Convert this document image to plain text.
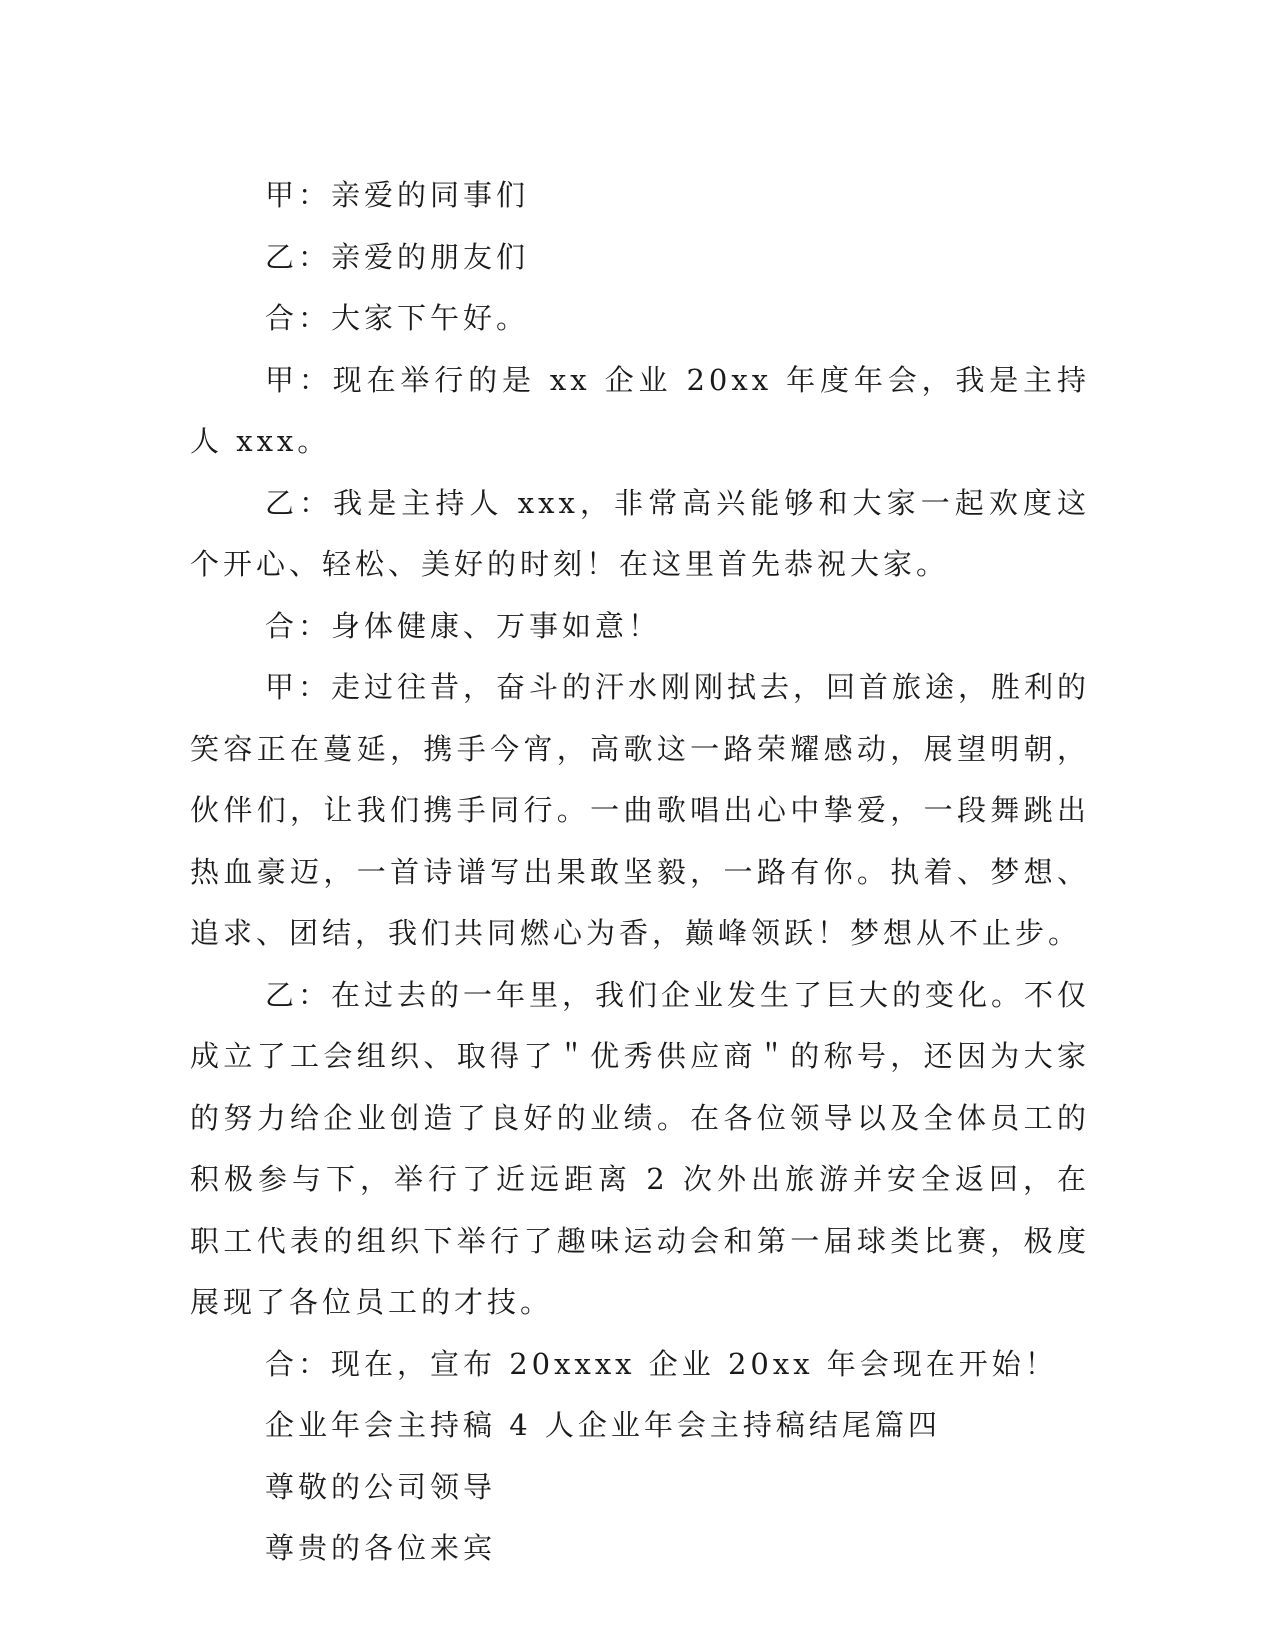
甲：亲爱的同事们

乙：亲爱的朋友们

合：大家下午好。

甲：现在举行的是 xx 企业 20xx 年度年会，我是主持人 xxx。

乙：我是主持人 xxx，非常高兴能够和大家一起欢度这个开心、轻松、美好的时刻！在这里首先恭祝大家。

合：身体健康、万事如意！

甲：走过往昔，奋斗的汗水刚刚拭去，回首旅途，胜利的笑容正在蔓延，携手今宵，高歌这一路荣耀感动，展望明朝，伙伴们，让我们携手同行。一曲歌唱出心中挚爱，一段舞跳出热血豪迈，一首诗谱写出果敢坚毅，一路有你。执着、梦想、追求、团结，我们共同燃心为香，巅峰领跃！梦想从不止步。

乙：在过去的一年里，我们企业发生了巨大的变化。不仅成立了工会组织、取得了＂优秀供应商＂的称号，还因为大家的努力给企业创造了良好的业绩。在各位领导以及全体员工的积极参与下，举行了近远距离 2 次外出旅游并安全返回，在职工代表的组织下举行了趣味运动会和第一届球类比赛，极度展现了各位员工的才技。

合：现在，宣布 20xxxx 企业 20xx 年会现在开始！

企业年会主持稿 4 人企业年会主持稿结尾篇四

尊敬的公司领导

尊贵的各位来宾
